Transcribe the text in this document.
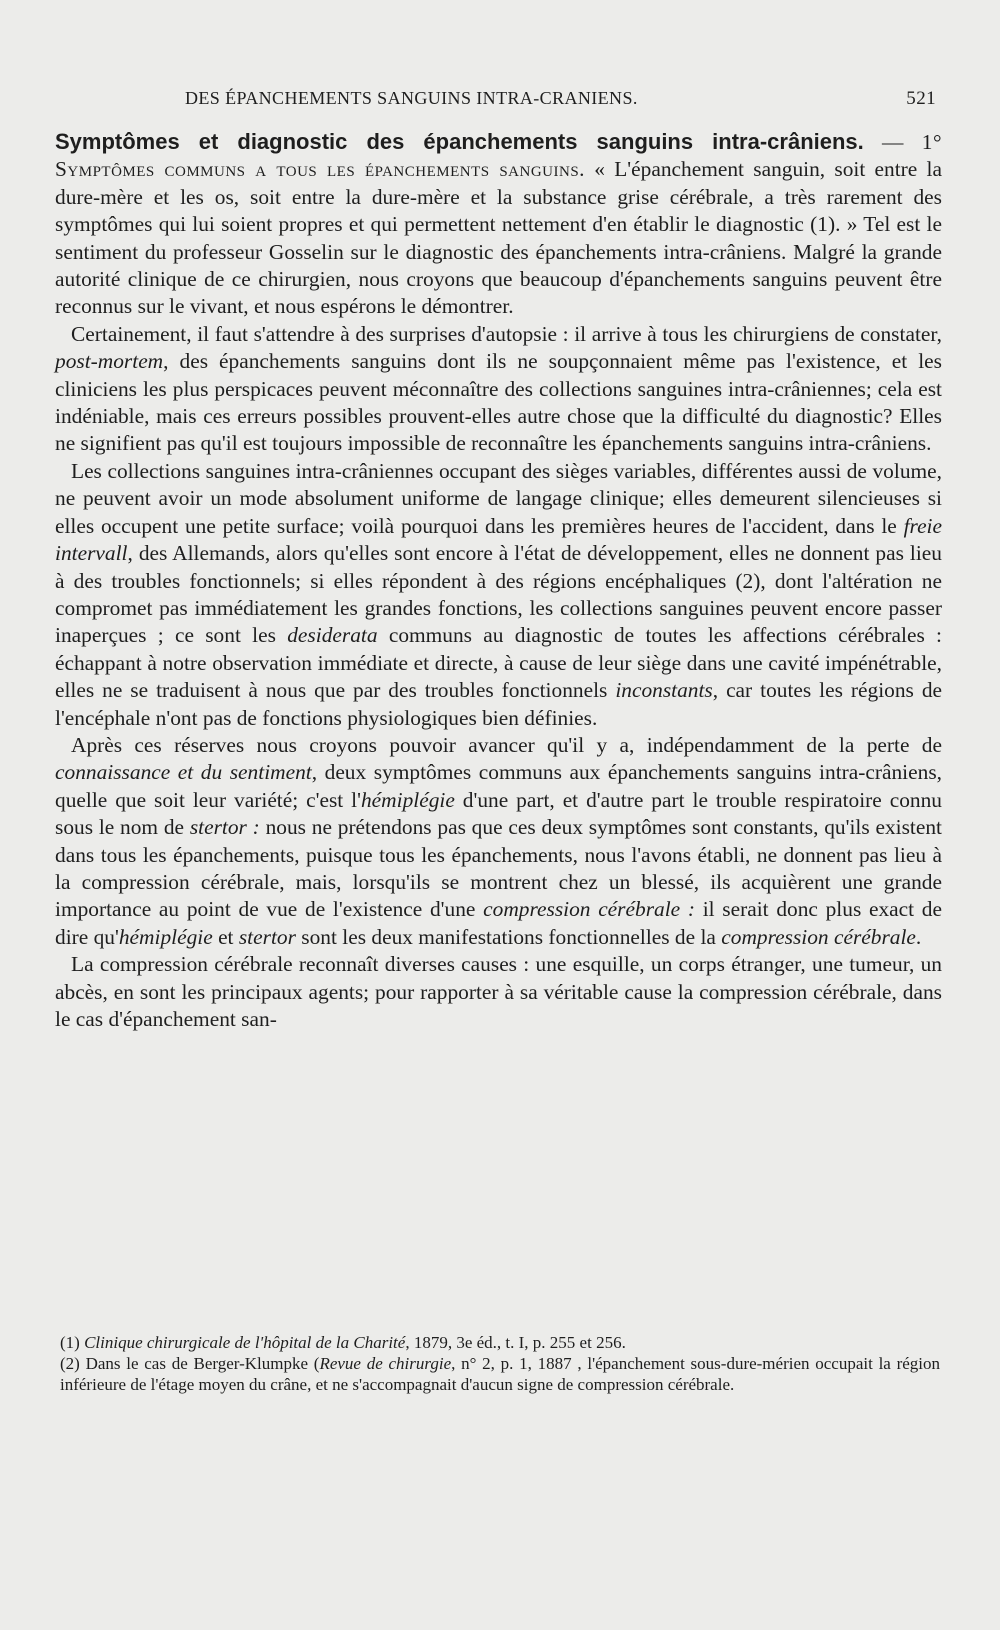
DES ÉPANCHEMENTS SANGUINS INTRA-CRANIENS.	521

Symptômes et diagnostic des épanchements sanguins intra-crâniens. — 1° Symptômes communs a tous les épanchements sanguins. « L'épanchement sanguin, soit entre la dure-mère et les os, soit entre la dure-mère et la substance grise cérébrale, a très rarement des symptômes qui lui soient propres et qui permettent nettement d'en établir le diagnostic (1). » Tel est le sentiment du professeur Gosselin sur le diagnostic des épanchements intra-crâniens. Malgré la grande autorité clinique de ce chirurgien, nous croyons que beaucoup d'épanchements sanguins peuvent être reconnus sur le vivant, et nous espérons le démontrer.

Certainement, il faut s'attendre à des surprises d'autopsie : il arrive à tous les chirurgiens de constater, post-mortem, des épanchements sanguins dont ils ne soupçonnaient même pas l'existence, et les cliniciens les plus perspicaces peuvent méconnaître des collections sanguines intra-crâniennes; cela est indéniable, mais ces erreurs possibles prouvent-elles autre chose que la difficulté du diagnostic? Elles ne signifient pas qu'il est toujours impossible de reconnaître les épanchements sanguins intra-crâniens.

Les collections sanguines intra-crâniennes occupant des sièges variables, différentes aussi de volume, ne peuvent avoir un mode absolument uniforme de langage clinique; elles demeurent silencieuses si elles occupent une petite surface; voilà pourquoi dans les premières heures de l'accident, dans le freie intervall, des Allemands, alors qu'elles sont encore à l'état de développement, elles ne donnent pas lieu à des troubles fonctionnels; si elles répondent à des régions encéphaliques (2), dont l'altération ne compromet pas immédiatement les grandes fonctions, les collections sanguines peuvent encore passer inaperçues ; ce sont les desiderata communs au diagnostic de toutes les affections cérébrales : échappant à notre observation immédiate et directe, à cause de leur siège dans une cavité impénétrable, elles ne se traduisent à nous que par des troubles fonctionnels inconstants, car toutes les régions de l'encéphale n'ont pas de fonctions physiologiques bien définies.

Après ces réserves nous croyons pouvoir avancer qu'il y a, indépendamment de la perte de connaissance et du sentiment, deux symptômes communs aux épanchements sanguins intra-crâniens, quelle que soit leur variété; c'est l'hémiplégie d'une part, et d'autre part le trouble respiratoire connu sous le nom de stertor : nous ne prétendons pas que ces deux symptômes sont constants, qu'ils existent dans tous les épanchements, puisque tous les épanchements, nous l'avons établi, ne donnent pas lieu à la compression cérébrale, mais, lorsqu'ils se montrent chez un blessé, ils acquièrent une grande importance au point de vue de l'existence d'une compression cérébrale : il serait donc plus exact de dire qu'hémiplégie et stertor sont les deux manifestations fonctionnelles de la compression cérébrale.

La compression cérébrale reconnaît diverses causes : une esquille, un corps étranger, une tumeur, un abcès, en sont les principaux agents; pour rapporter à sa véritable cause la compression cérébrale, dans le cas d'épanchement san-

(1) Clinique chirurgicale de l'hôpital de la Charité, 1879, 3e éd., t. I, p. 255 et 256.

(2) Dans le cas de Berger-Klumpke (Revue de chirurgie, n° 2, p. 1, 1887 , l'épanchement sous-dure-mérien occupait la région inférieure de l'étage moyen du crâne, et ne s'accompagnait d'aucun signe de compression cérébrale.
